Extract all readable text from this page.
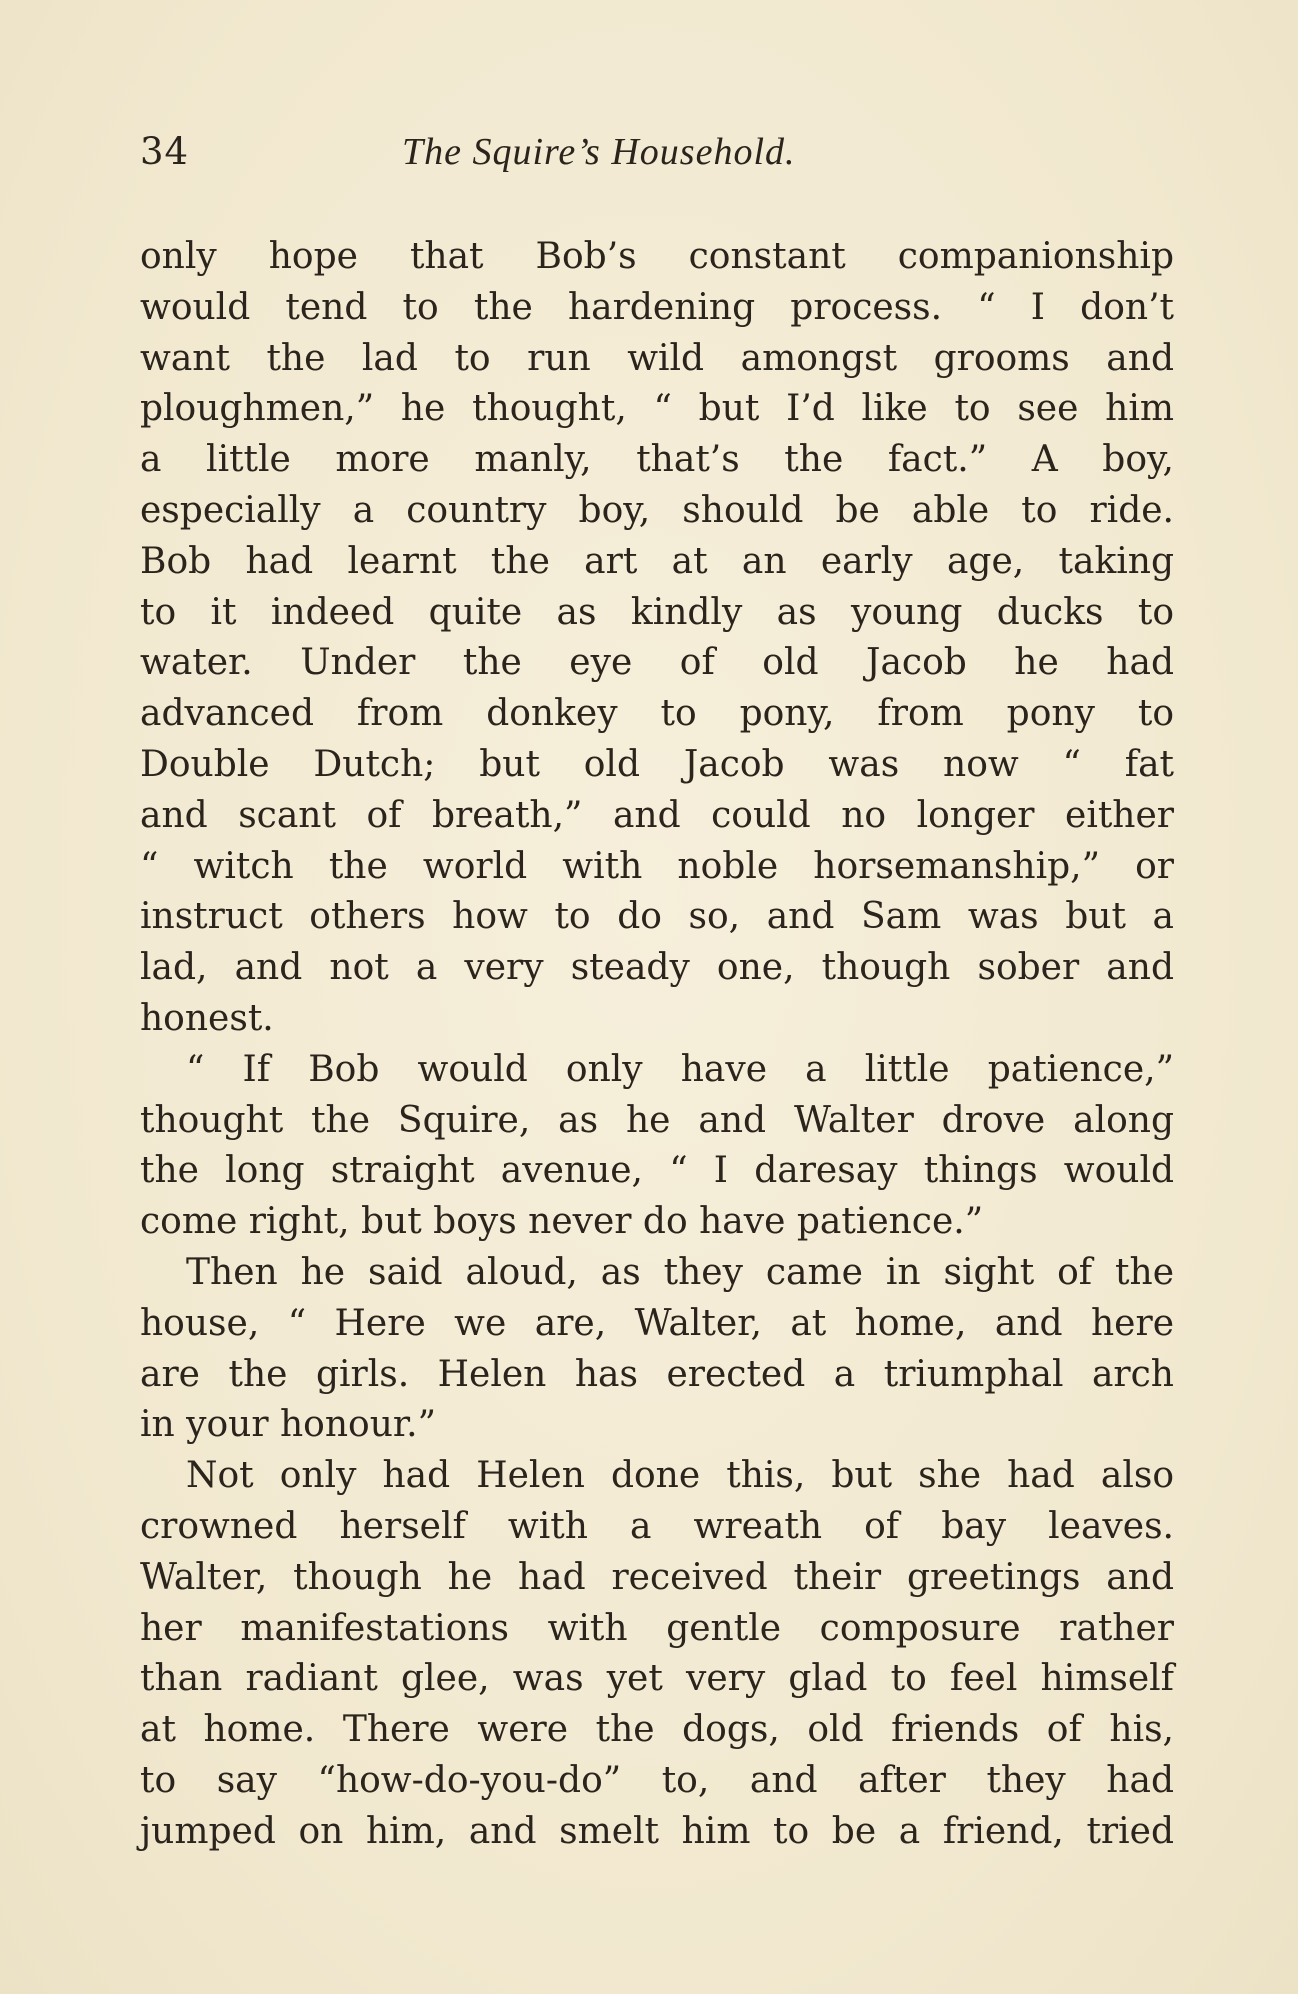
34	The Squire’s Household.
only hope that Bob’s constant companionship
would tend to the hardening process. “ I don’t
want the lad to run wild amongst grooms and
ploughmen,” he thought, “ but I’d like to see him
a little more manly, that’s the fact.” A boy,
especially a country boy, should be able to ride.
Bob had learnt the art at an early age, taking
to it indeed quite as kindly as young ducks to
water. Under the eye of old Jacob he had
advanced from donkey to pony, from pony to
Double Dutch; but old Jacob was now “ fat
and scant of breath,” and could no longer either
“ witch the world with noble horsemanship,” or
instruct others how to do so, and Sam was but a
lad, and not a very steady one, though sober and
honest.
“ If Bob would only have a little patience,”
thought the Squire, as he and Walter drove along
the long straight avenue, “ I daresay things would
come right, but boys never do have patience.”
Then he said aloud, as they came in sight of the
house, “ Here we are, Walter, at home, and here
are the girls. Helen has erected a triumphal arch
in your honour.”
Not only had Helen done this, but she had also
crowned herself with a wreath of bay leaves.
Walter, though he had received their greetings and
her manifestations with gentle composure rather
than radiant glee, was yet very glad to feel himself
at home. There were the dogs, old friends of his,
to say “how-do-you-do” to, and after they had
jumped on him, and smelt him to be a friend, tried
